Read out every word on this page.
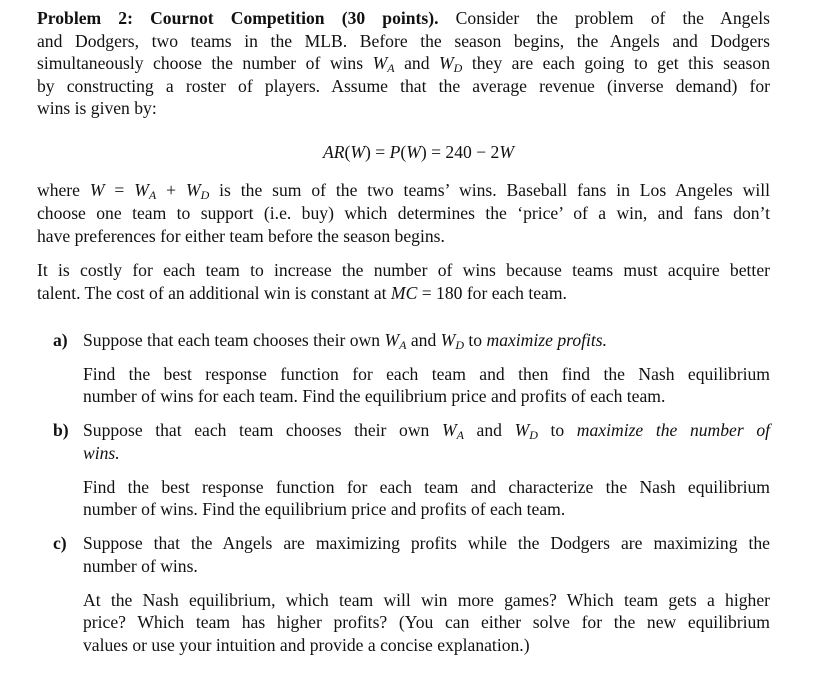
Problem 2: Cournot Competition (30 points). Consider the problem of the Angels
and Dodgers, two teams in the MLB. Before the season begins, the Angels and Dodgers
simultaneously choose the number of wins $W_A$ and $W_D$ they are each going to get this season
by constructing a roster of players. Assume that the average revenue (inverse demand) for
wins is given by:
AR(W) = P(W) = 240 − 2W
where $W = W_A + W_D$ is the sum of the two teams’ wins. Baseball fans in Los Angeles will
choose one team to support (i.e. buy) which determines the ‘price’ of a win, and fans don’t
have preferences for either team before the season begins.
It is costly for each team to increase the number of wins because teams must acquire better
talent. The cost of an additional win is constant at MC = 180 for each team.
a) Suppose that each team chooses their own $W_A$ and $W_D$ to maximize profits.
Find the best response function for each team and then find the Nash equilibrium
number of wins for each team. Find the equilibrium price and profits of each team.
b) Suppose that each team chooses their own $W_A$ and $W_D$ to maximize the number of
wins.
Find the best response function for each team and characterize the Nash equilibrium
number of wins. Find the equilibrium price and profits of each team.
c) Suppose that the Angels are maximizing profits while the Dodgers are maximizing the
number of wins.
At the Nash equilibrium, which team will win more games? Which team gets a higher
price? Which team has higher profits? (You can either solve for the new equilibrium
values or use your intuition and provide a concise explanation.)
